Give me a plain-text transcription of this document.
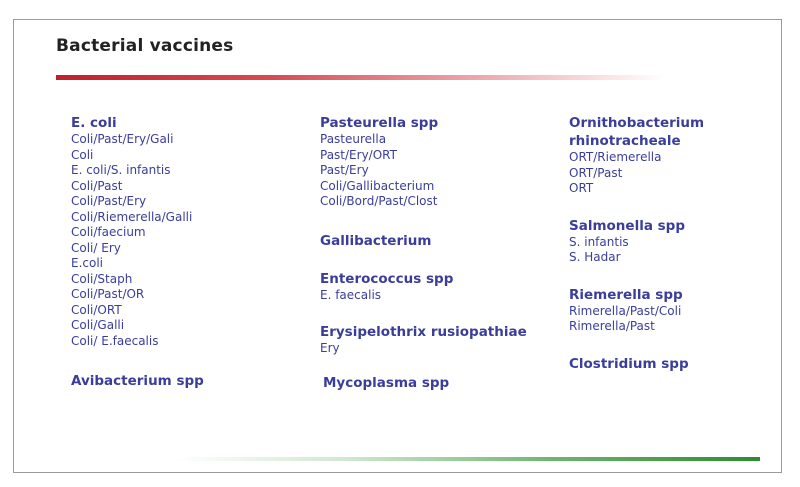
Bacterial vaccines
E. coli
Coli/Past/Ery/Gali
Coli
E. coli/S. infantis
Coli/Past
Coli/Past/Ery
Coli/Riemerella/Galli
Coli/faecium
Coli/ Ery
E.coli
Coli/Staph
Coli/Past/OR
Coli/ORT
Coli/Galli
Coli/ E.faecalis
Avibacterium spp
Pasteurella spp
Pasteurella
Past/Ery/ORT
Past/Ery
Coli/Gallibacterium
Coli/Bord/Past/Clost
Gallibacterium
Enterococcus spp
E. faecalis
Erysipelothrix rusiopathiae
Ery
Mycoplasma spp
Ornithobacterium
rhinotracheale
ORT/Riemerella
ORT/Past
ORT
Salmonella spp
S. infantis
S. Hadar
Riemerella spp
Rimerella/Past/Coli
Rimerella/Past
Clostridium spp
